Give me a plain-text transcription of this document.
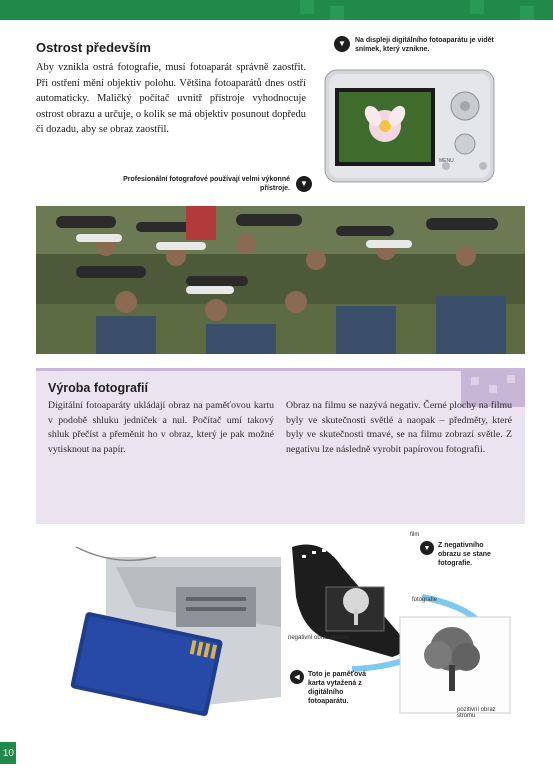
Ostrost především

Aby vznikla ostrá fotografie, musí fotoaparát správně zaostřit. Při ostření mění objektiv polohu. Většina fotoaparátů dnes ostří automaticky. Maličký počítač uvnitř přístroje vyhodnocuje ostrost obrazu a určuje, o kolik se má objektiv posunout dopředu či dozadu, aby se obraz zaostřil.

▼	Na displeji digitálního fotoaparátu je vidět snímek, který vznikne.
MENU
Profesionální fotografové používají velmi výkonné přístroje.
▼
Výroba fotografií

Digitální fotoaparáty ukládají obraz na paměťovou kartu v podobě shluku jedniček a nul. Počítač umí takový shluk přečíst a přeměnit ho v obraz, který je pak možné vytisknout na papír.

Obraz na filmu se nazývá negativ. Černé plochy na filmu byly ve skutečnosti světlé a naopak – předměty, které byly ve skutečnosti tmavé, se na filmu zobrazí světle. Z negativu lze následně vyrobit papírovou fotografii.

film
▼	Z negativního obrazu se stane fotografie.
fotografie
negativní obraz stromu
◀	Toto je paměťová karta vytažená z digitálního fotoaparátu.
pozitivní obraz stromu
10
